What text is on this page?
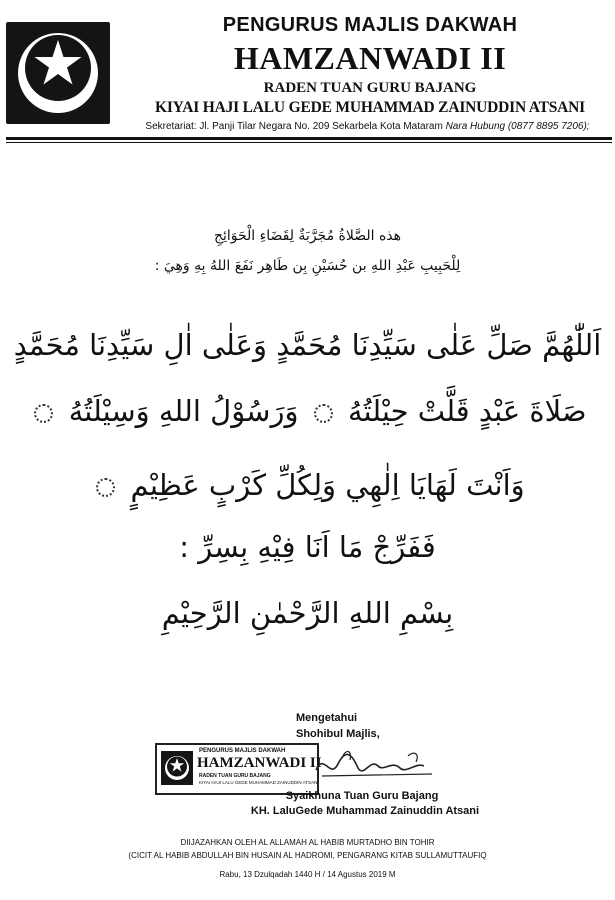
PENGURUS MAJLIS DAKWAH
HAMZANWADI II
RADEN TUAN GURU BAJANG
KIYAI HAJI LALU GEDE MUHAMMAD ZAINUDDIN ATSANI
Sekretariat: Jl. Panji Tilar Negara No. 209 Sekarbela Kota Mataram Nara Hubung (0877 8895 7206);
هذه الصَّلاةُ مُجَرَّبَةٌ لِقَضَاءِ الْحَوَائِجِ
لِلْحَبِيبِ عَبْدِ اللهِ بن حُسَيْنِ بِن طَاهِر نَفَعَ اللهُ بِهِ وَهِيَ :
اَللّٰهُمَّ صَلِّ عَلٰى سَيِّدِنَا مُحَمَّدٍ وَعَلٰى اٰلِ سَيِّدِنَا مُحَمَّدٍ
صَلَاةَ عَبْدٍ قَلَّتْ حِيْلَتُهُ  وَرَسُوْلُ اللهِ وَسِيْلَتُهُ
وَاَنْتَ لَهَايَا اِلٰهِي وَلِكُلِّ كَرْبٍ عَظِيْمٍ
فَفَرِّجْ مَا اَنَا فِيْهِ بِسِرِّ :
بِسْمِ اللهِ الرَّحْمٰنِ الرَّحِيْمِ
Mengetahui
Shohibul Majlis,
PENGURUS MAJLIS DAKWAH
HAMZANWADI II
RADEN TUAN GURU BAJANG
KIYAI HAJI LALU GEDE MUHAMMAD ZAINUDDIN ATSANI
Syaikhuna Tuan Guru Bajang
KH. LaluGede Muhammad Zainuddin Atsani
DIIJAZAHKAN OLEH AL ALLAMAH AL HABIB MURTADHO BIN TOHIR
(CICIT AL HABIB ABDULLAH BIN HUSAIN AL HADROMI, PENGARANG KITAB SULLAMUTTAUFIQ
Rabu, 13 Dzulqadah 1440 H / 14 Agustus 2019 M
